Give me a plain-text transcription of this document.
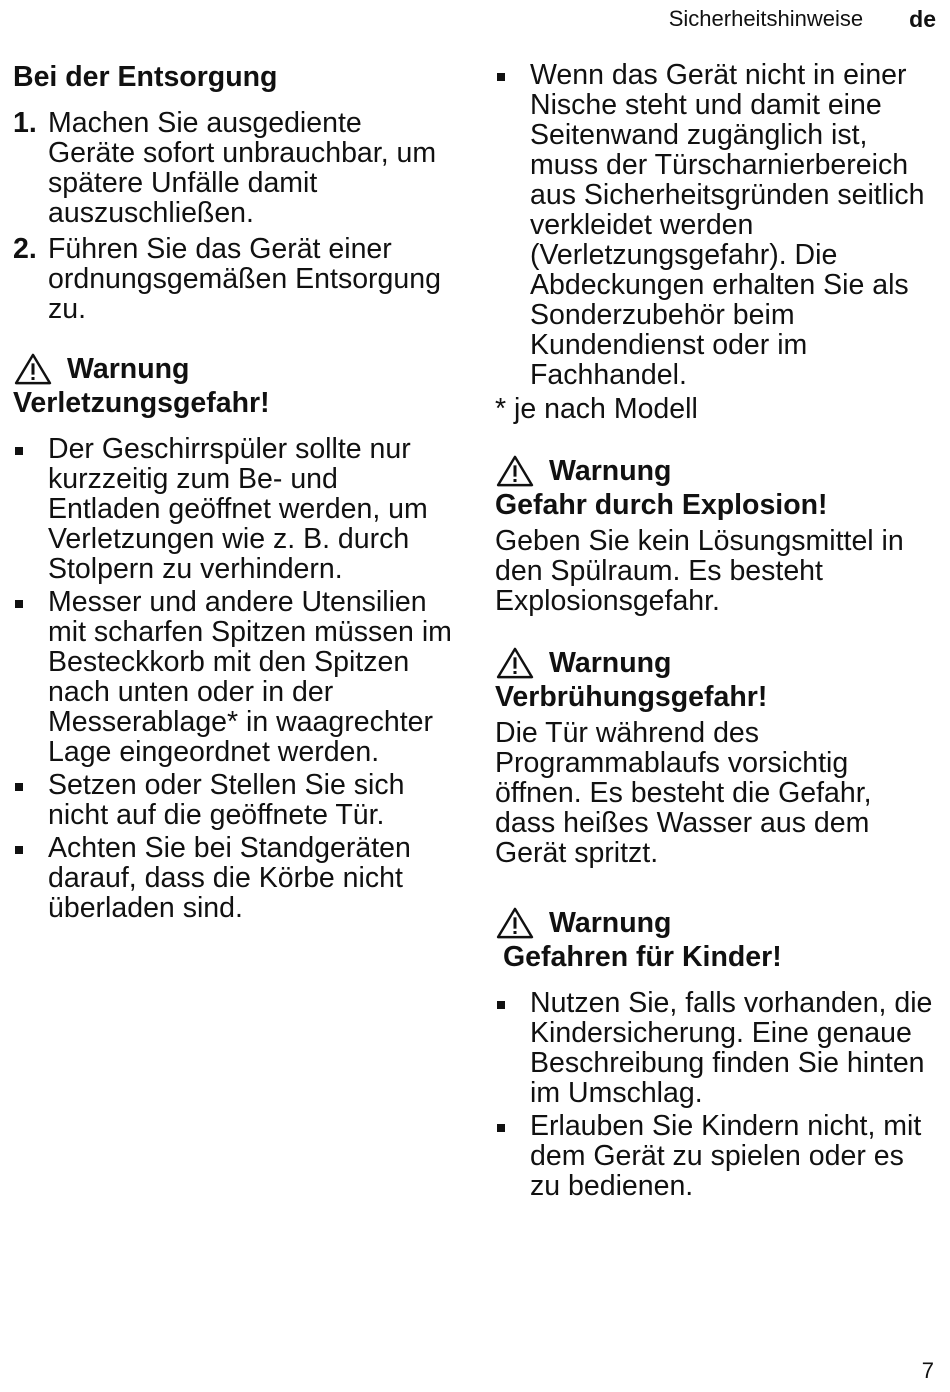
Sicherheitshinweise de
Bei der Entsorgung
1. Machen Sie ausgediente Geräte sofort unbrauchbar, um spätere Unfälle damit auszuschließen.
2. Führen Sie das Gerät einer ordnungsgemäßen Entsorgung zu.
Warnung
Verletzungsgefahr!
Der Geschirrspüler sollte nur kurzzeitig zum Be- und Entladen geöffnet werden, um Verletzungen wie z. B. durch Stolpern zu verhindern.
Messer und andere Utensilien mit scharfen Spitzen müssen im Besteckkorb mit den Spitzen nach unten oder in der Messerablage* in waagrechter Lage eingeordnet werden.
Setzen oder Stellen Sie sich nicht auf die geöffnete Tür.
Achten Sie bei Standgeräten darauf, dass die Körbe nicht überladen sind.
Wenn das Gerät nicht in einer Nische steht und damit eine Seitenwand zugänglich ist, muss der Türscharnierbereich aus Sicherheitsgründen seitlich verkleidet werden (Verletzungsgefahr). Die Abdeckungen erhalten Sie als Sonderzubehör beim Kundendienst oder im Fachhandel.

* je nach Modell

Warnung
Gefahr durch Explosion!

Geben Sie kein Lösungsmittel in den Spülraum. Es besteht Explosionsgefahr.

Warnung
Verbrühungsgefahr!

Die Tür während des Programmablaufs vorsichtig öffnen. Es besteht die Gefahr, dass heißes Wasser aus dem Gerät spritzt.

Warnung
Gefahren für Kinder!
Nutzen Sie, falls vorhanden, die Kindersicherung. Eine genaue Beschreibung finden Sie hinten im Umschlag.
Erlauben Sie Kindern nicht, mit dem Gerät zu spielen oder es zu bedienen.
7
